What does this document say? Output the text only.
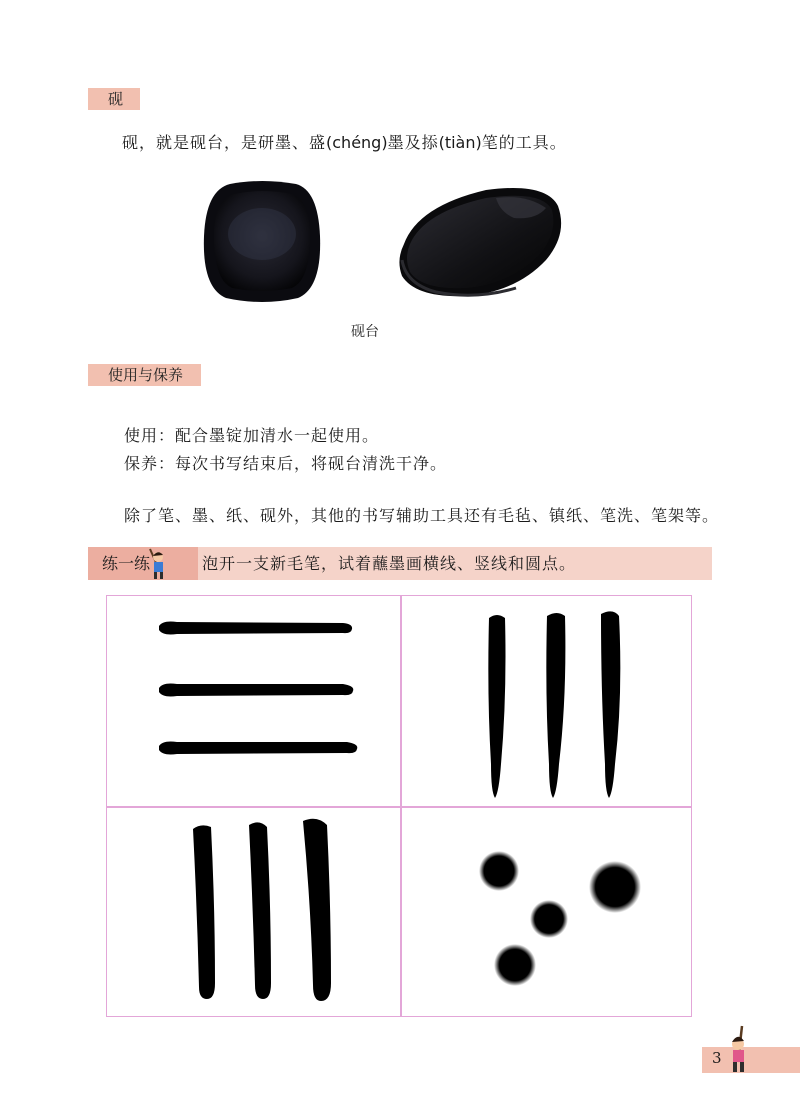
砚
砚，就是砚台，是研墨、盛(chéng)墨及掭(tiàn)笔的工具。
砚台
使用与保养
使用：配合墨锭加清水一起使用。
保养：每次书写结束后，将砚台清洗干净。
除了笔、墨、纸、砚外，其他的书写辅助工具还有毛毡、镇纸、笔洗、笔架等。
练一练	泡开一支新毛笔，试着蘸墨画横线、竖线和圆点。
3
